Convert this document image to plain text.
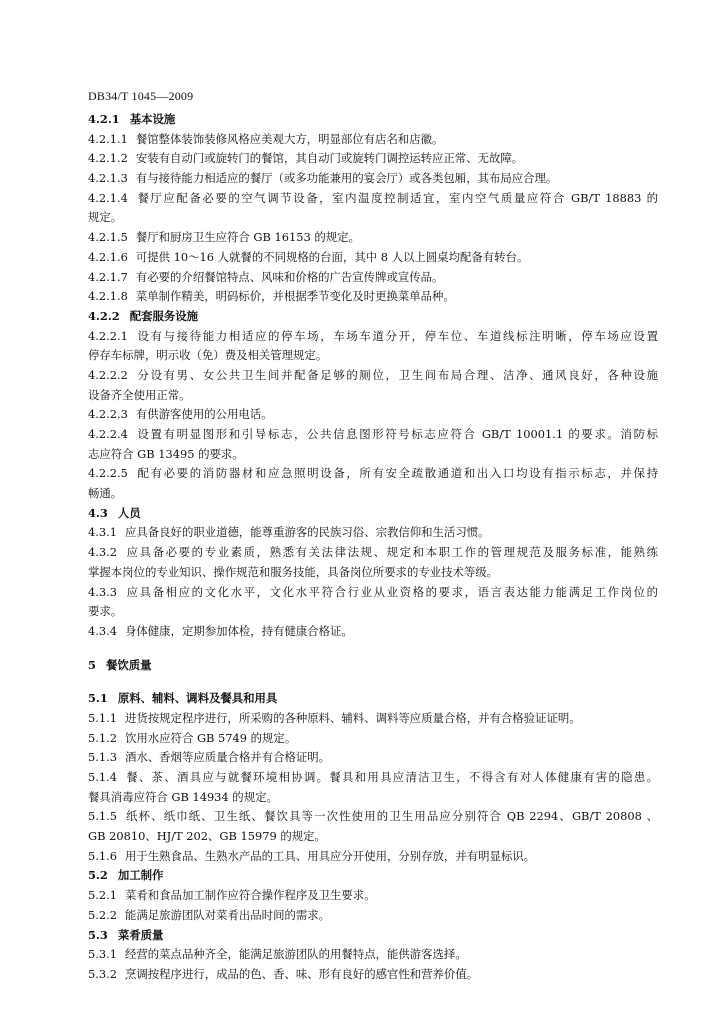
DB34/T 1045—2009
4.2.1 基本设施
4.2.1.1 餐馆整体装饰装修风格应美观大方，明显部位有店名和店徽。
4.2.1.2 安装有自动门或旋转门的餐馆，其自动门或旋转门调控运转应正常、无故障。
4.2.1.3 有与接待能力相适应的餐厅（或多功能兼用的宴会厅）或各类包厢，其布局应合理。
4.2.1.4 餐厅应配备必要的空气调节设备，室内温度控制适宜，室内空气质量应符合 GB/T 18883 的
规定。
4.2.1.5 餐厅和厨房卫生应符合 GB 16153 的规定。
4.2.1.6 可提供 10～16 人就餐的不同规格的台面，其中 8 人以上圆桌均配备有转台。
4.2.1.7 有必要的介绍餐馆特点、风味和价格的广告宣传牌或宣传品。
4.2.1.8 菜单制作精美，明码标价，并根据季节变化及时更换菜单品种。
4.2.2 配套服务设施
4.2.2.1 设有与接待能力相适应的停车场，车场车道分开，停车位、车道线标注明晰，停车场应设置
停存车标牌，明示收（免）费及相关管理规定。
4.2.2.2 分设有男、女公共卫生间并配备足够的厕位，卫生间布局合理、洁净、通风良好，各种设施
设备齐全使用正常。
4.2.2.3 有供游客使用的公用电话。
4.2.2.4 设置有明显图形和引导标志，公共信息图形符号标志应符合 GB/T 10001.1 的要求。消防标
志应符合 GB 13495 的要求。
4.2.2.5 配有必要的消防器材和应急照明设备，所有安全疏散通道和出入口均设有指示标志，并保持
畅通。
4.3 人员
4.3.1 应具备良好的职业道德，能尊重游客的民族习俗、宗教信仰和生活习惯。
4.3.2 应具备必要的专业素质，熟悉有关法律法规、规定和本职工作的管理规范及服务标准，能熟练
掌握本岗位的专业知识、操作规范和服务技能，具备岗位所要求的专业技术等级。
4.3.3 应具备相应的文化水平，文化水平符合行业从业资格的要求，语言表达能力能满足工作岗位的
要求。
4.3.4 身体健康，定期参加体检，持有健康合格证。
5 餐饮质量
5.1 原料、辅料、调料及餐具和用具
5.1.1 进货按规定程序进行，所采购的各种原料、辅料、调料等应质量合格，并有合格验证证明。
5.1.2 饮用水应符合 GB 5749 的规定。
5.1.3 酒水、香烟等应质量合格并有合格证明。
5.1.4 餐、茶、酒具应与就餐环境相协调。餐具和用具应清洁卫生，不得含有对人体健康有害的隐患。
餐具消毒应符合 GB 14934 的规定。
5.1.5 纸杯、纸巾纸、卫生纸、餐饮具等一次性使用的卫生用品应分别符合 QB 2294、GB/T 20808 、
GB 20810、HJ/T 202、GB 15979 的规定。
5.1.6 用于生熟食品、生熟水产品的工具、用具应分开使用，分别存放，并有明显标识。
5.2 加工制作
5.2.1 菜肴和食品加工制作应符合操作程序及卫生要求。
5.2.2 能满足旅游团队对菜肴出品时间的需求。
5.3 菜肴质量
5.3.1 经营的菜点品种齐全，能满足旅游团队的用餐特点，能供游客选择。
5.3.2 烹调按程序进行，成品的色、香、味、形有良好的感官性和营养价值。
